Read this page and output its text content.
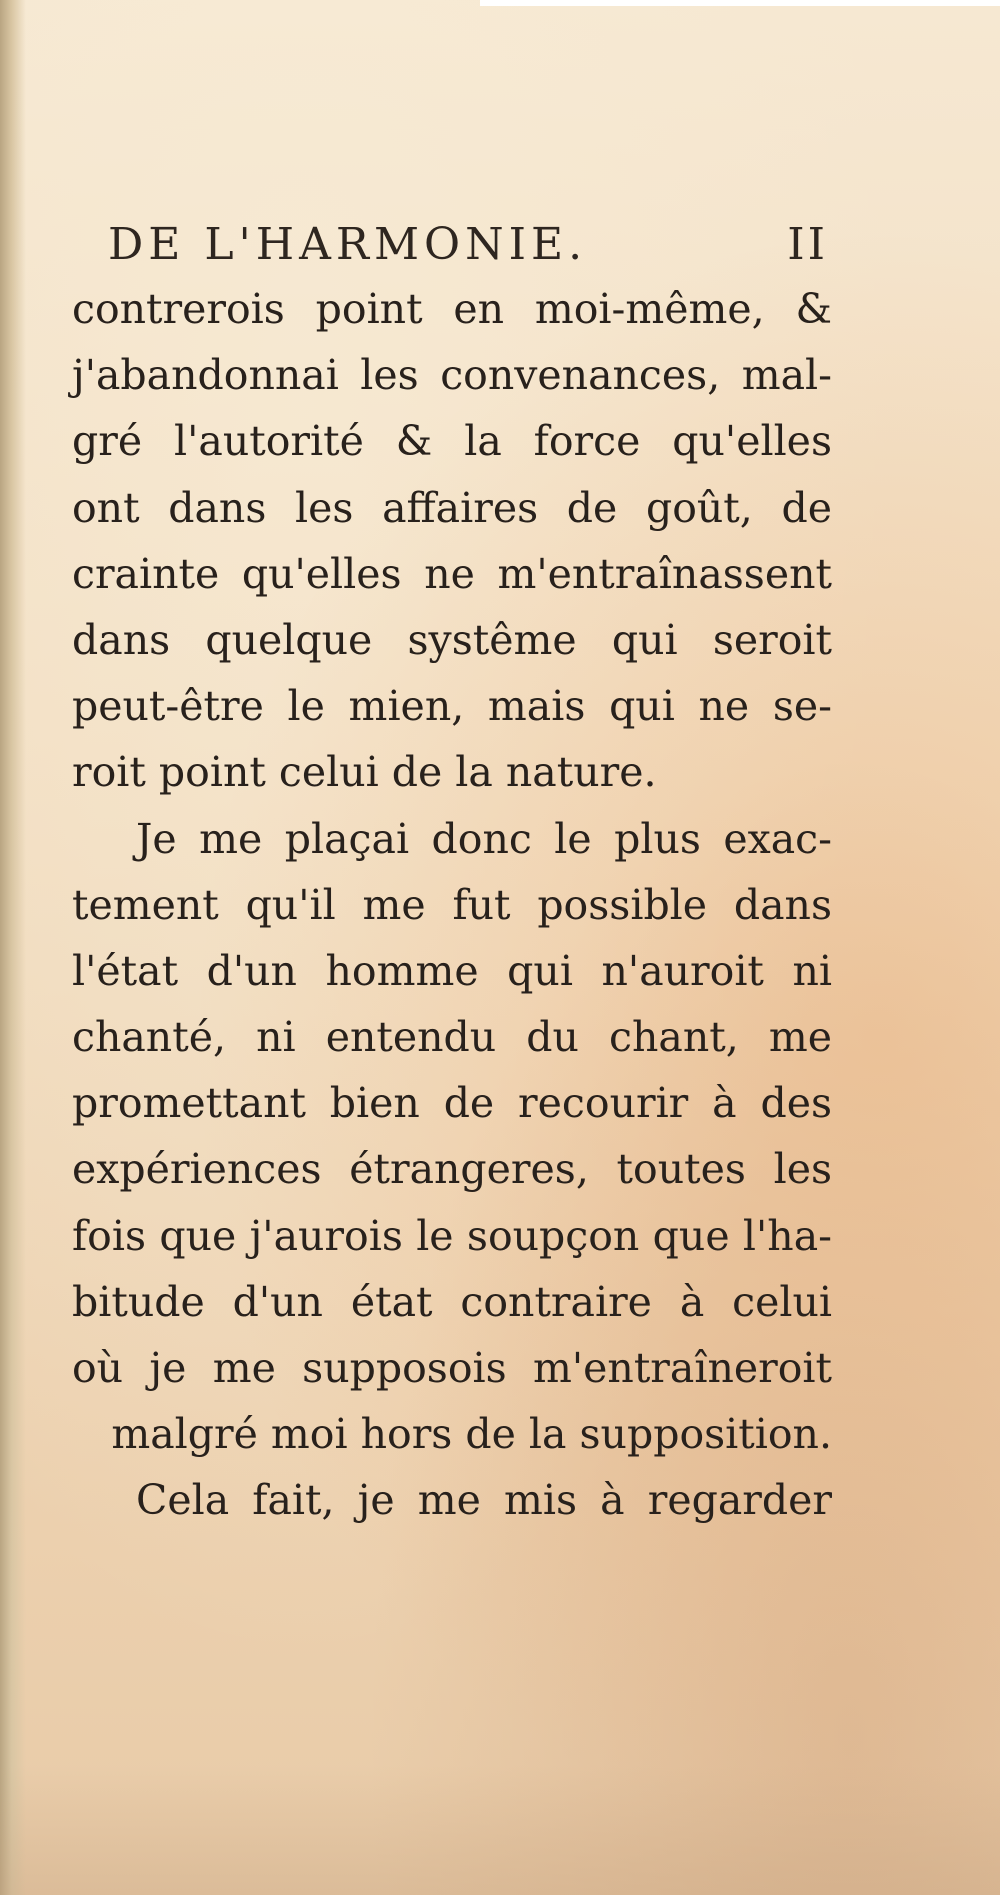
DE L'HARMONIE.	II
contrerois point en moi-même, &
j'abandonnai les convenances, mal-
gré l'autorité & la force qu'elles
ont dans les affaires de goût, de
crainte qu'elles ne m'entraînassent
dans quelque systême qui seroit
peut-être le mien, mais qui ne se-
roit point celui de la nature.
Je me plaçai donc le plus exac-
tement qu'il me fut possible dans
l'état d'un homme qui n'auroit ni
chanté, ni entendu du chant, me
promettant bien de recourir à des
expériences étrangeres, toutes les
fois que j'aurois le soupçon que l'ha-
bitude d'un état contraire à celui
où je me supposois m'entraîneroit
malgré moi hors de la supposition.
Cela fait, je me mis à regarder
